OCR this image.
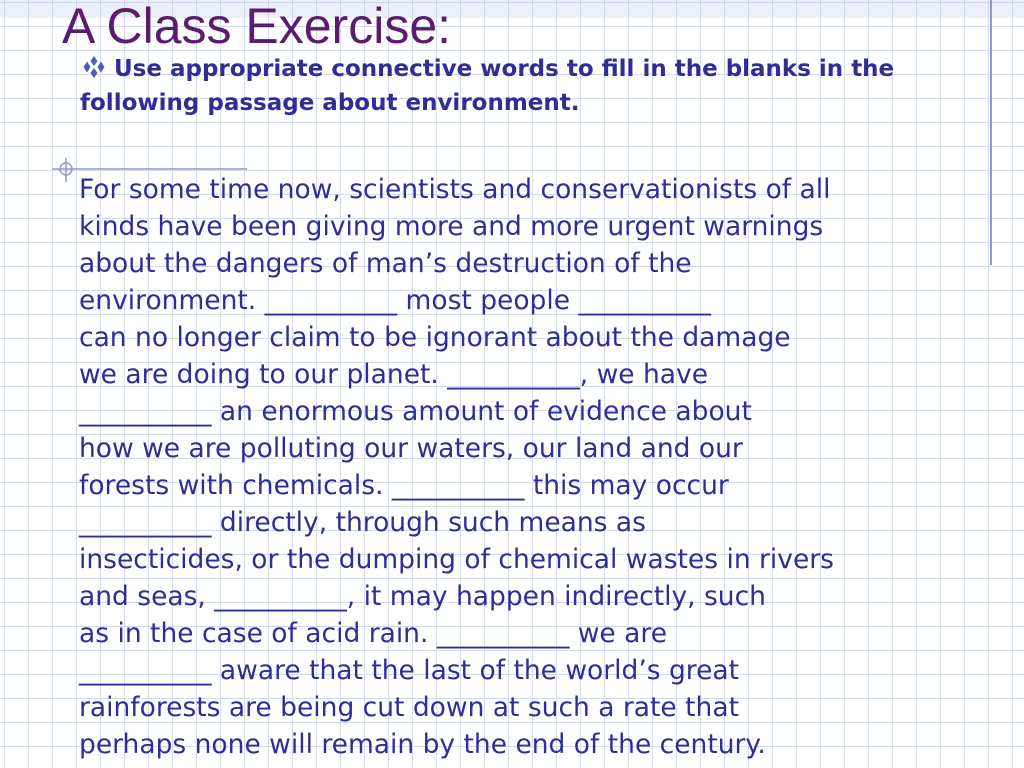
A Class Exercise:

Use appropriate connective words to fill in the blanks in the following passage about environment.

For some time now, scientists and conservationists of all
kinds have been giving more and more urgent warnings
about the dangers of man’s destruction of the
environment. __________ most people __________
can no longer claim to be ignorant about the damage
we are doing to our planet. __________, we have
__________ an enormous amount of evidence about
how we are polluting our waters, our land and our
forests with chemicals. __________ this may occur
__________ directly, through such means as
insecticides, or the dumping of chemical wastes in rivers
and seas, __________, it may happen indirectly, such
as in the case of acid rain. __________ we are
__________ aware that the last of the world’s great
rainforests are being cut down at such a rate that
perhaps none will remain by the end of the century.
